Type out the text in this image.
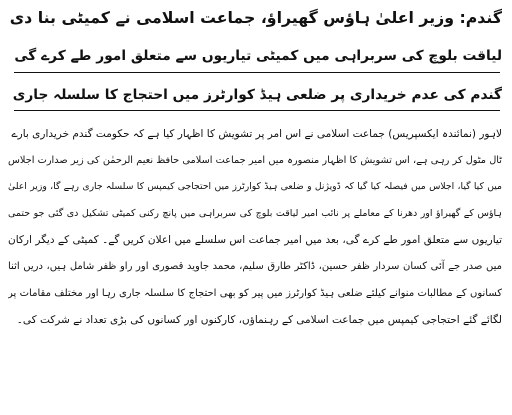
گندم: وزیر اعلیٰ ہاؤس گھیراؤ، جماعت اسلامی نے کمیٹی بنا دی
لیاقت بلوچ کی سربراہی میں کمیٹی تیاریوں سے متعلق امور طے کرے گی
گندم کی عدم خریداری پر ضلعی ہیڈ کوارٹرز میں احتجاج کا سلسلہ جاری
لاہور (نمائندہ ایکسپریس) جماعت اسلامی نے اس امر پر تشویش کا اظہار کیا ہے کہ حکومت گندم خریداری بارے
ٹال مٹول کر رہی ہے، اس تشویش کا اظہار منصورہ میں امیر جماعت اسلامی حافظ نعیم الرحمٰن کی زیر صدارت اجلاس
میں کیا گیا، اجلاس میں فیصلہ کیا گیا کہ ڈویژنل و ضلعی ہیڈ کوارٹرز میں احتجاجی کیمپس کا سلسلہ جاری رہے گا، وزیر اعلیٰ
ہاؤس کے گھیراؤ اور دھرنا کے معاملے پر نائب امیر لیاقت بلوچ کی سربراہی میں پانچ رکنی کمیٹی تشکیل دی گئی جو حتمی
تیاریوں سے متعلق امور طے کرے گی، بعد میں امیر جماعت اس سلسلے میں اعلان کریں گے۔ کمیٹی کے دیگر ارکان
میں صدر جے آئی کسان سردار ظفر حسین، ڈاکٹر طارق سلیم، محمد جاوید قصوری اور راو ظفر شامل ہیں، دریں اثنا
کسانوں کے مطالبات منوانے کیلئے ضلعی ہیڈ کوارٹرز میں پیر کو بھی احتجاج کا سلسلہ جاری رہا اور مختلف مقامات پر
لگائے گئے احتجاجی کیمپس میں جماعت اسلامی کے رہنماؤں، کارکنوں اور کسانوں کی بڑی تعداد نے شرکت کی۔
